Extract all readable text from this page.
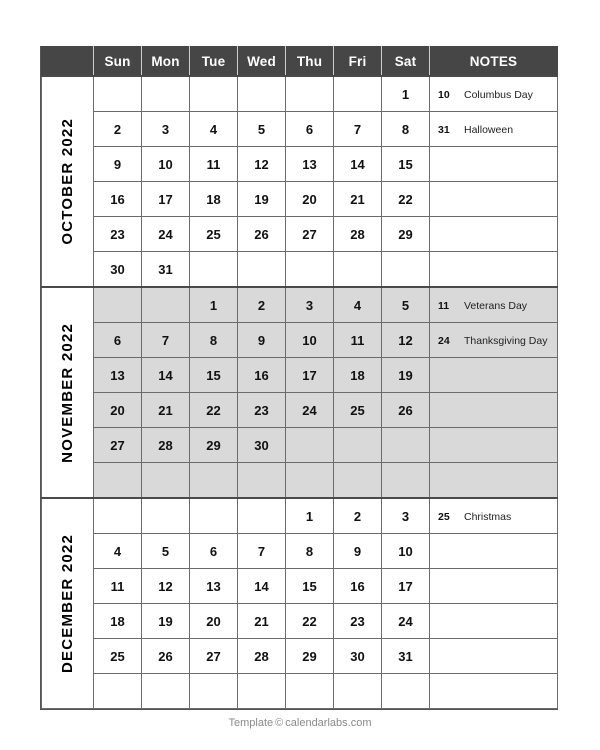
	Sun	Mon	Tue	Wed	Thu	Fri	Sat	NOTES

OCTOBER 2022							1	10 Columbus Day
	2	3	4	5	6	7	8	31 Halloween
	9	10	11	12	13	14	15	
	16	17	18	19	20	21	22	
	23	24	25	26	27	28	29	
	30	31						

NOVEMBER 2022			1	2	3	4	5	11 Veterans Day
	6	7	8	9	10	11	12	24 Thanksgiving Day
	13	14	15	16	17	18	19	
	20	21	22	23	24	25	26	
	27	28	29	30				

DECEMBER 2022					1	2	3	25 Christmas
	4	5	6	7	8	9	10	
	11	12	13	14	15	16	17	
	18	19	20	21	22	23	24	
	25	26	27	28	29	30	31	

Template © calendarlabs.com
